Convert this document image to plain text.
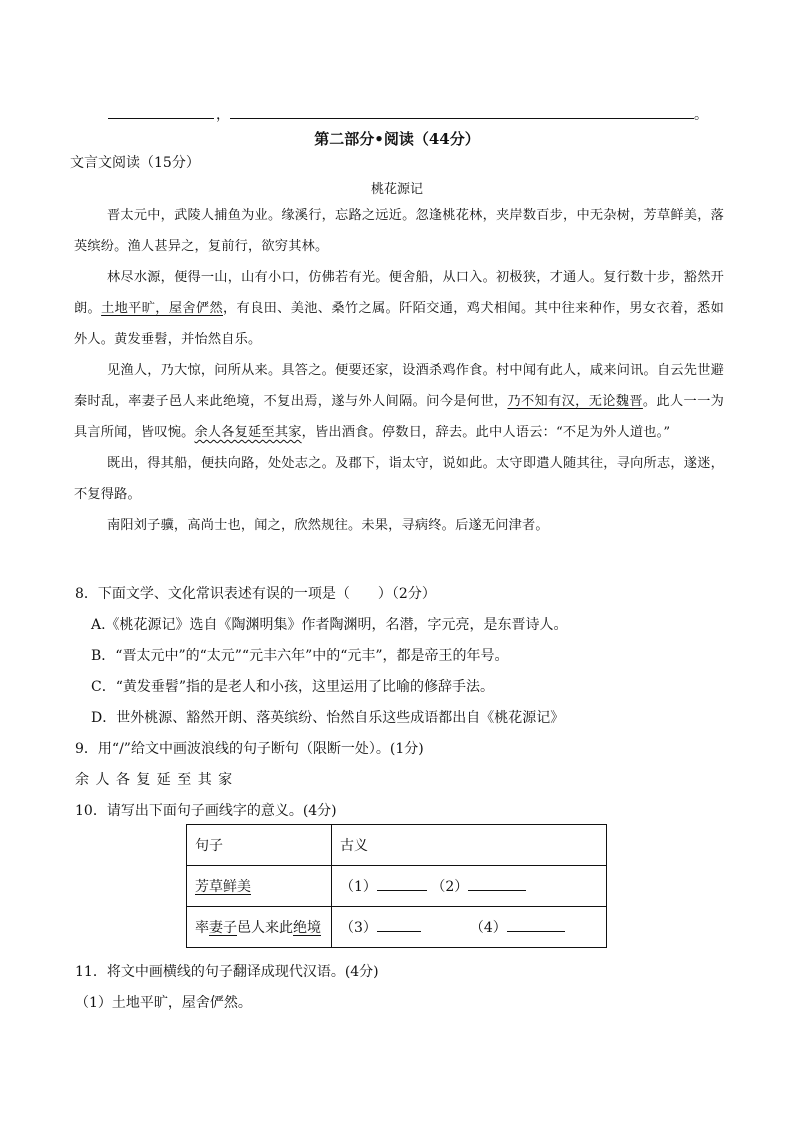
，	。
第二部分•阅读（44分）
文言文阅读（15分）
桃花源记

晋太元中，武陵人捕鱼为业。缘溪行，忘路之远近。忽逢桃花林，夹岸数百步，中无杂树，芳草鲜美，落英缤纷。渔人甚异之，复前行，欲穷其林。

林尽水源，便得一山，山有小口，仿佛若有光。便舍船，从口入。初极狭，才通人。复行数十步，豁然开朗。土地平旷，屋舍俨然，有良田、美池、桑竹之属。阡陌交通，鸡犬相闻。其中往来种作，男女衣着，悉如外人。黄发垂髫，并怡然自乐。

见渔人，乃大惊，问所从来。具答之。便要还家，设酒杀鸡作食。村中闻有此人，咸来问讯。自云先世避秦时乱，率妻子邑人来此绝境，不复出焉，遂与外人间隔。问今是何世，乃不知有汉，无论魏晋。此人一一为具言所闻，皆叹惋。余人各复延至其家，皆出酒食。停数日，辞去。此中人语云：“不足为外人道也。”

既出，得其船，便扶向路，处处志之。及郡下，诣太守，说如此。太守即遣人随其往，寻向所志，遂迷，不复得路。

南阳刘子骥，高尚士也，闻之，欣然规往。未果，寻病终。后遂无问津者。

8．下面文学、文化常识表述有误的一项是（　　）（2分）
A.《桃花源记》选自《陶渊明集》作者陶渊明，名潜，字元亮，是东晋诗人。
B．“晋太元中”的“太元”“元丰六年”中的“元丰”，都是帝王的年号。
C．“黄发垂髫”指的是老人和小孩，这里运用了比喻的修辞手法。
D．世外桃源、豁然开朗、落英缤纷、怡然自乐这些成语都出自《桃花源记》
9．用“/”给文中画波浪线的句子断句（限断一处）。(1分)
余 人 各 复 延 至 其 家
10．请写出下面句子画线字的意义。(4分)
句子	古义
芳草鲜美	（1） （2）
率妻子邑人来此绝境	（3） （4）
11．将文中画横线的句子翻译成现代汉语。(4分)
（1）土地平旷，屋舍俨然。
